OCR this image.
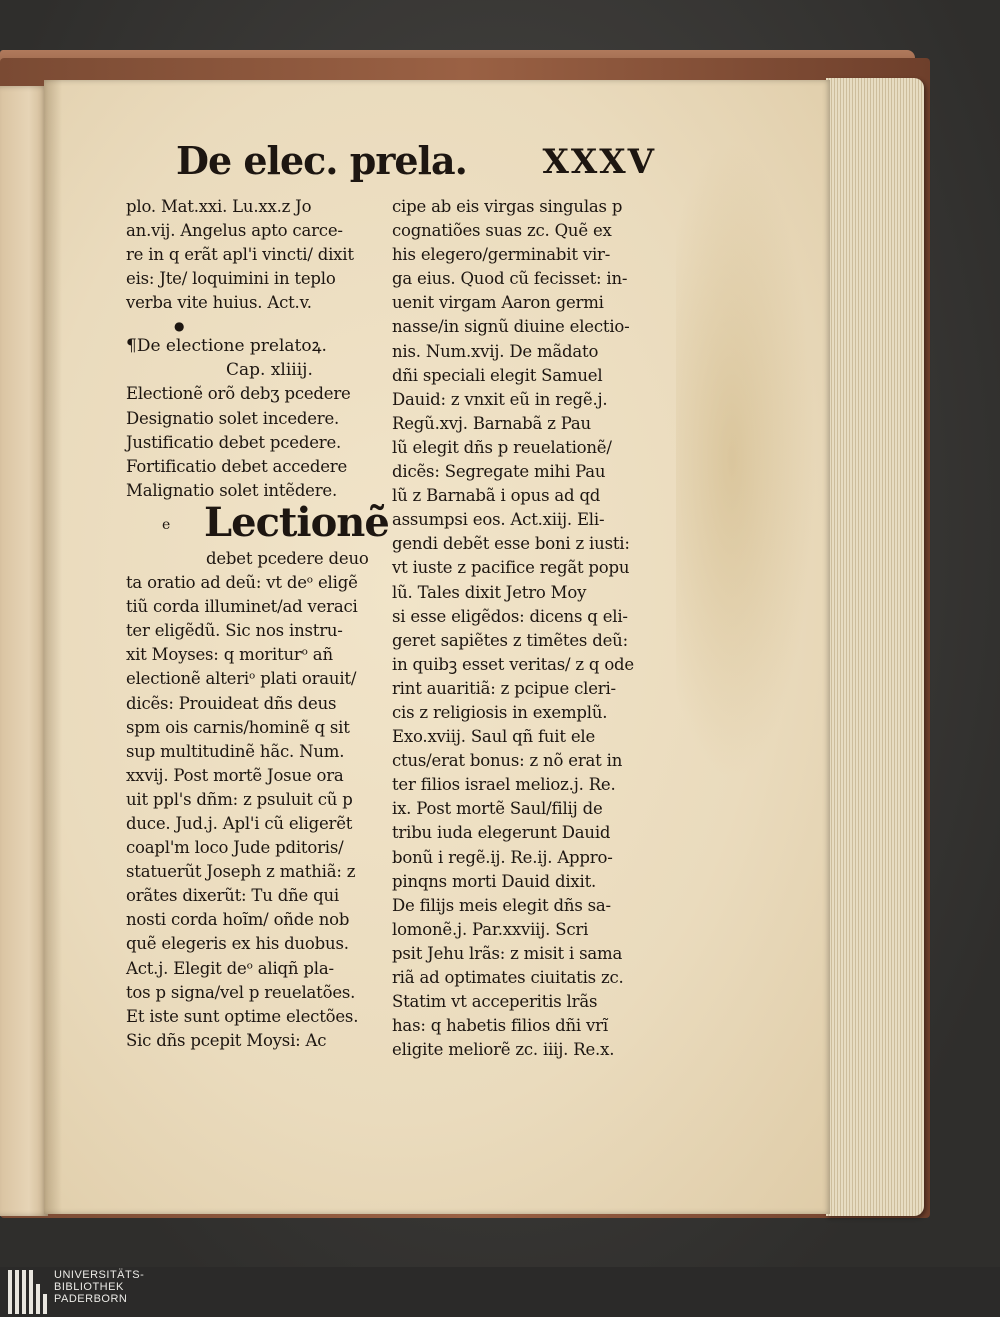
De elec. prela. XXXV
plo. Mat.xxi. Lu.xx.z Jo
an.vij. Angelus apto carce-
re in q erãt apl'i vincti/ dixit
eis: Jte/ loquimini in teplo
verba vite huius. Act.v.
●
¶De electione prelatoꝝ.
Cap. xliiij.
Electionẽ orõ debʒ pcedere
Designatio solet incedere.
Justificatio debet pcedere.
Fortificatio debet accedere
Malignatio solet intẽdere.
e Lectionẽ
debet pcedere deuo
ta oratio ad deũ: vt deᵒ eligẽ
tiũ corda illuminet/ad veraci
ter eligẽdũ. Sic nos instru-
xit Moyses: q moriturᵒ añ
electionẽ alteriᵒ plati orauit/
dicẽs: Prouideat dñs deus
spm ois carnis/hominẽ q sit
sup multitudinẽ hãc. Num.
xxvij. Post mortẽ Josue ora
uit ppl's dñm: z psuluit cũ p
duce. Jud.j. Apl'i cũ eligerẽt
coapl'm loco Jude pditoris/
statuerũt Joseph z mathiã: z
orãtes dixerũt: Tu dñe qui
nosti corda hoĩm/ oñde nob
quẽ elegeris ex his duobus.
Act.j. Elegit deᵒ aliqñ pla-
tos p signa/vel p reuelatões.
Et iste sunt optime electões.
Sic dñs pcepit Moysi: Ac
cipe ab eis virgas singulas p
cognatiões suas zc. Quẽ ex
his elegero/germinabit vir-
ga eius. Quod cũ fecisset: in-
uenit virgam Aaron germi
nasse/in signũ diuine electio-
nis. Num.xvij. De mãdato
dñi speciali elegit Samuel
Dauid: z vnxit eũ in regẽ.j.
Regũ.xvj. Barnabã z Pau
lũ elegit dñs p reuelationẽ/
dicẽs: Segregate mihi Pau
lũ z Barnabã i opus ad qd
assumpsi eos. Act.xiij. Eli-
gendi debẽt esse boni z iusti:
vt iuste z pacifice regãt popu
lũ. Tales dixit Jetro Moy
si esse eligẽdos: dicens q eli-
geret sapiẽtes z timẽtes deũ:
in quibꝫ esset veritas/ z q ode
rint auaritiã: z pcipue cleri-
cis z religiosis in exemplũ.
Exo.xviij. Saul qñ fuit ele
ctus/erat bonus: z nõ erat in
ter filios israel melioz.j. Re.
ix. Post mortẽ Saul/filij de
tribu iuda elegerunt Dauid
bonũ i regẽ.ij. Re.ij. Appro-
pinqns morti Dauid dixit.
De filijs meis elegit dñs sa-
lomonẽ.j. Par.xxviij. Scri
psit Jehu lrãs: z misit i sama
riã ad optimates ciuitatis zc.
Statim vt acceperitis lrãs
has: q habetis filios dñi vrĩ
eligite meliorẽ zc. iiij. Re.x.
UNIVERSITÄTS-
BIBLIOTHEK
PADERBORN
